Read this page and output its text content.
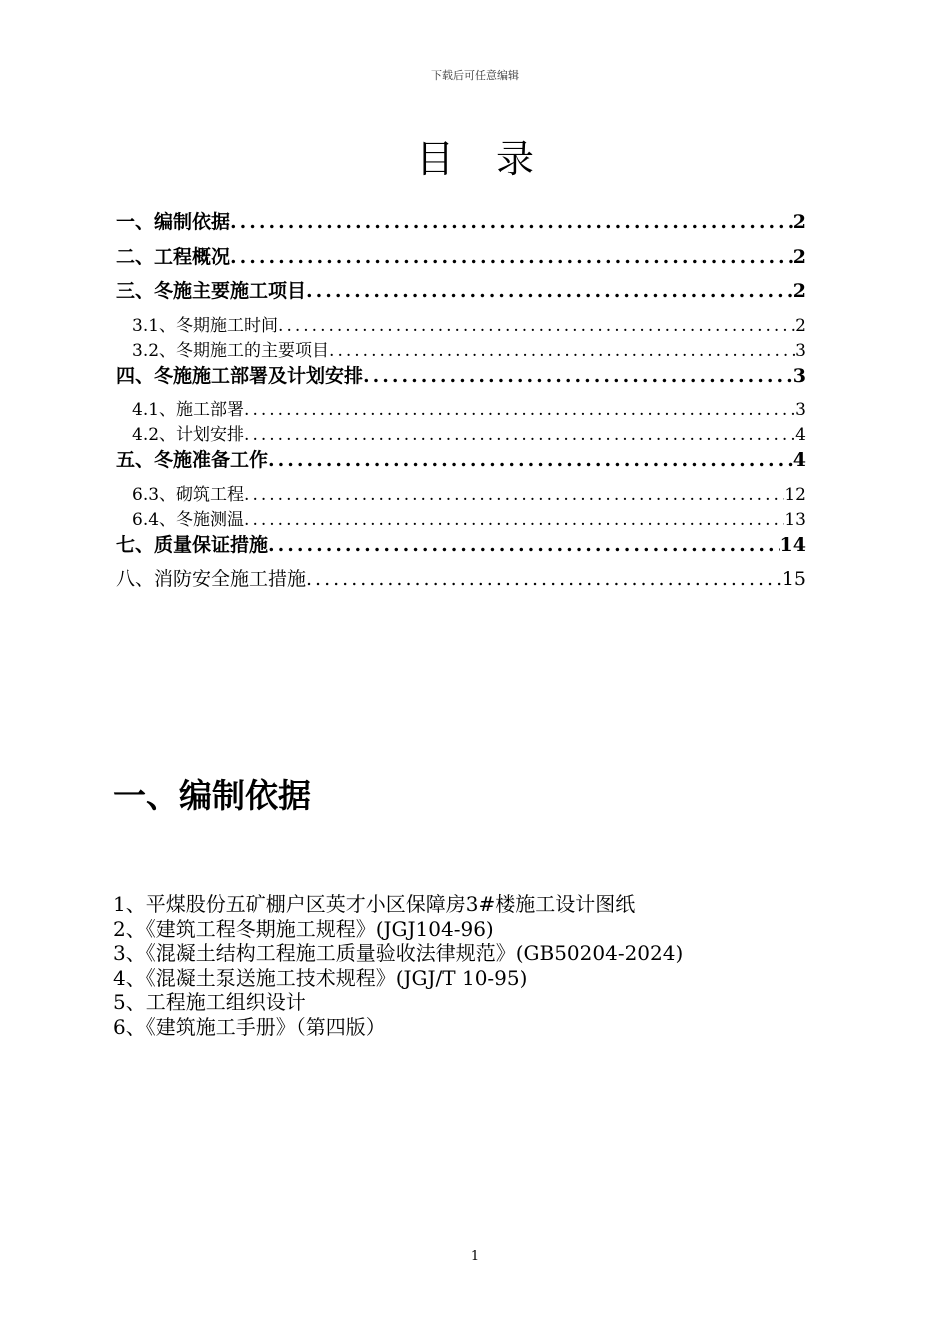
下载后可任意编辑
目录
一、编制依据 .....	2
二、工程概况 .....	2
三、冬施主要施工项目 .....	2
3.1、冬期施工时间 .....	2
3.2、冬期施工的主要项目 .....	3
四、冬施施工部署及计划安排 .....	3
4.1、施工部署 .....	3
4.2、计划安排 .....	4
五、冬施准备工作 .....	4
6.3、砌筑工程 .....	12
6.4、冬施测温 .....	13
七、质量保证措施 .....	14
八、消防安全施工措施 .....	15
一、编制依据
1、平煤股份五矿棚户区英才小区保障房3#楼施工设计图纸
2、《建筑工程冬期施工规程》(JGJ104-96)
3、《混凝土结构工程施工质量验收法律规范》(GB50204-2024)
4、《混凝土泵送施工技术规程》(JGJ/T 10-95)
5、工程施工组织设计
6、《建筑施工手册》（第四版）
1
